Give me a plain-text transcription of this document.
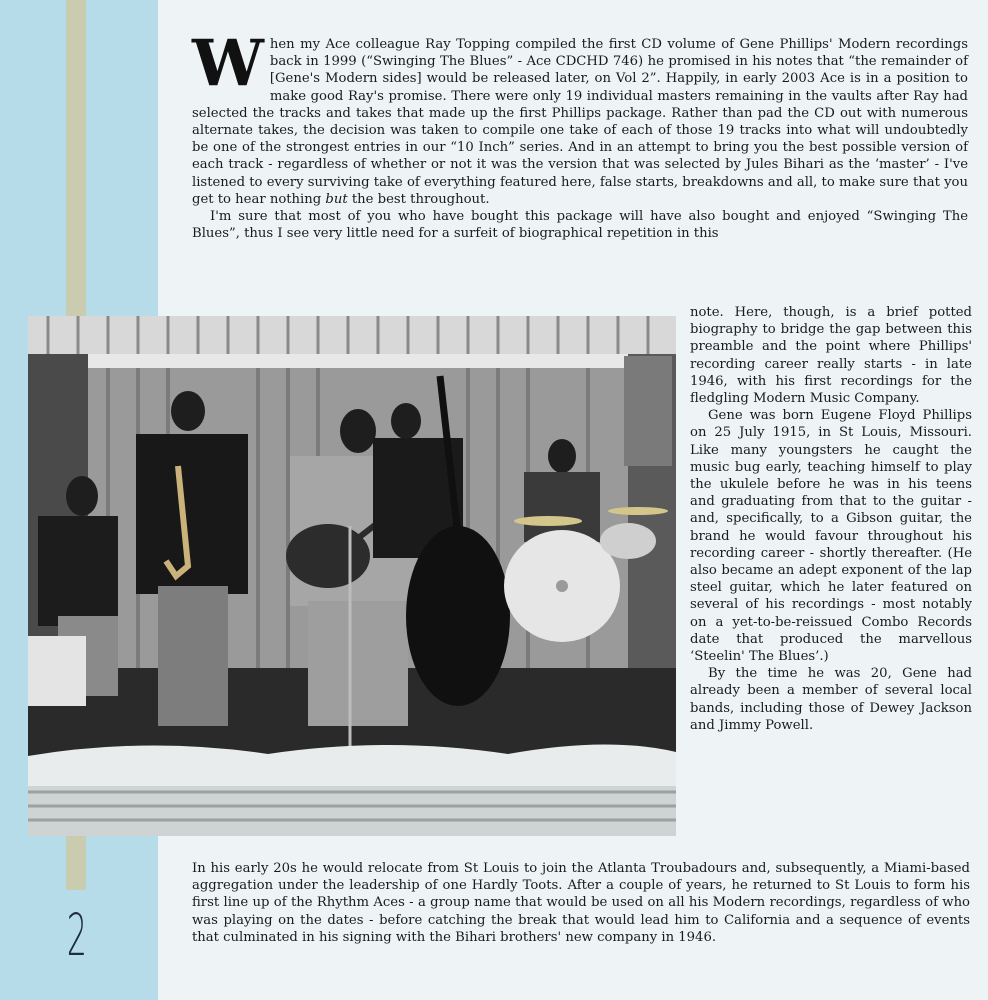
2

When my Ace colleague Ray Topping compiled the first CD volume of Gene Phillips' Modern recordings back in 1999 (“Swinging The Blues” - Ace CDCHD 746) he promised in his notes that “the remainder of [Gene's Modern sides] would be released later, on Vol 2”. Happily, in early 2003 Ace is in a position to make good Ray's promise. There were only 19 individual masters remaining in the vaults after Ray had selected the tracks and takes that made up the first Phillips package. Rather than pad the CD out with numerous alternate takes, the decision was taken to compile one take of each of those 19 tracks into what will undoubtedly be one of the strongest entries in our “10 Inch” series. And in an attempt to bring you the best possible version of each track - regardless of whether or not it was the version that was selected by Jules Bihari as the ‘master’ - I've listened to every surviving take of everything featured here, false starts, breakdowns and all, to make sure that you get to hear nothing but the best throughout.

I'm sure that most of you who have bought this package will have also bought and enjoyed “Swinging The Blues”, thus I see very little need for a surfeit of biographical repetition in this

note. Here, though, is a brief potted biography to bridge the gap between this preamble and the point where Phillips' recording career really starts - in late 1946, with his first recordings for the fledgling Modern Music Company.

Gene was born Eugene Floyd Phillips on 25 July 1915, in St Louis, Missouri. Like many youngsters he caught the music bug early, teaching himself to play the ukulele before he was in his teens and graduating from that to the guitar - and, specifically, to a Gibson guitar, the brand he would favour throughout his recording career - shortly thereafter. (He also became an adept exponent of the lap steel guitar, which he later featured on several of his recordings - most notably on a yet-to-be-reissued Combo Records date that produced the marvellous ‘Steelin' The Blues’.)

By the time he was 20, Gene had already been a member of several local bands, including those of Dewey Jackson and Jimmy Powell.

In his early 20s he would relocate from St Louis to join the Atlanta Troubadours and, subsequently, a Miami-based aggregation under the leadership of one Hardly Toots. After a couple of years, he returned to St Louis to form his first line up of the Rhythm Aces - a group name that would be used on all his Modern recordings, regardless of who was playing on the dates - before catching the break that would lead him to California and a sequence of events that culminated in his signing with the Bihari brothers' new company in 1946.
